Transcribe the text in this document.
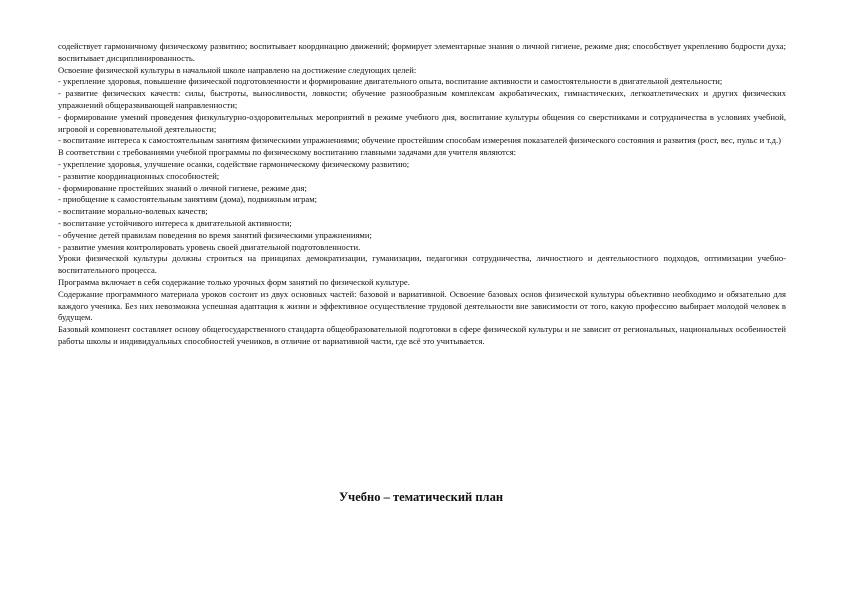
содействует гармоничному физическому развитию; воспитывает координацию движений; формирует элементарные знания о личной гигиене, режиме дня; способствует укреплению бодрости духа; воспитывает дисциплинированность.

Освоение физической культуры в начальной школе направлено на достижение следующих целей:

- укрепление здоровья, повышение физической подготовленности и формирование двигательного опыта, воспитание активности и самостоятельности в двигательной деятельности;

- развитие физических качеств: силы, быстроты, выносливости, ловкости; обучение разнообразным комплексам акробатических, гимнастических, легкоатлетических и других физических упражнений общеразвивающей направленности;

- формирование умений проведения физкультурно-оздоровительных мероприятий в режиме учебного дня, воспитание культуры общения со сверстниками и сотрудничества в условиях учебной, игровой и соревновательной деятельности;

- воспитание интереса к самостоятельным занятиям физическими упражнениями; обучение простейшим способам измерения показателей физического состояния и развития (рост, вес, пульс и т.д.)

В соответствии с требованиями учебной программы по физическому воспитанию главными задачами для учителя являются:

- укрепление здоровья, улучшение осанки, содействие гармоническому физическому развитию;

- развитие координационных способностей;

- формирование простейших знаний о личной гигиене, режиме дня;

- приобщение к самостоятельным занятиям (дома), подвижным играм;

- воспитание морально-волевых качеств;

- воспитание устойчивого интереса к двигательной активности;

- обучение детей правилам поведения во время занятий физическими упражнениями;

- развитие умения контролировать уровень своей двигательной подготовленности.

Уроки физической культуры должны строиться на принципах демократизации, гуманизации, педагогики сотрудничества, личностного и деятельностного подходов, оптимизации учебно-воспитательного процесса.

Программа включает в себя содержание только урочных форм занятий по физической культуре.

Содержание программного материала уроков состоит из двух основных частей: базовой и вариативной. Освоение базовых основ физической культуры объективно необходимо и обязательно для каждого ученика. Без них невозможна успешная адаптация к жизни и эффективное осуществление трудовой деятельности вне зависимости от того, какую профессию выбирает молодой человек в будущем.

Базовый компонент составляет основу общегосударственного стандарта общеобразовательной подготовки в сфере физической культуры и не зависит от региональных, национальных особенностей работы школы и индивидуальных способностей учеников, в отличие от вариативной части, где всё это учитывается.

Учебно – тематический план
